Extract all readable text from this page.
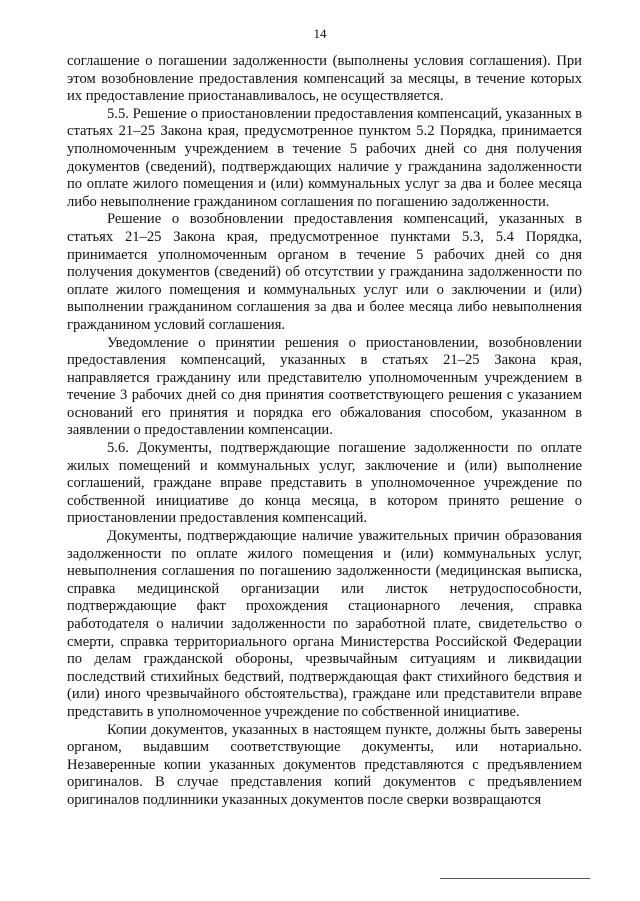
14

соглашение о погашении задолженности (выполнены условия соглашения). При этом возобновление предоставления компенсаций за месяцы, в течение которых их предоставление приостанавливалось, не осуществляется.

5.5. Решение о приостановлении предоставления компенсаций, указанных в статьях 21–25 Закона края, предусмотренное пунктом 5.2 Порядка, принимается уполномоченным учреждением в течение 5 рабочих дней со дня получения документов (сведений), подтверждающих наличие у гражданина задолженности по оплате жилого помещения и (или) коммунальных услуг за два и более месяца либо невыполнение гражданином соглашения по погашению задолженности.

Решение о возобновлении предоставления компенсаций, указанных в статьях 21–25 Закона края, предусмотренное пунктами 5.3, 5.4 Порядка, принимается уполномоченным органом в течение 5 рабочих дней со дня получения документов (сведений) об отсутствии у гражданина задолженности по оплате жилого помещения и коммунальных услуг или о заключении и (или) выполнении гражданином соглашения за два и более месяца либо невыполнения гражданином условий соглашения.

Уведомление о принятии решения о приостановлении, возобновлении предоставления компенсаций, указанных в статьях 21–25 Закона края, направляется гражданину или представителю уполномоченным учреждением в течение 3 рабочих дней со дня принятия соответствующего решения с указанием оснований его принятия и порядка его обжалования способом, указанном в заявлении о предоставлении компенсации.

5.6. Документы, подтверждающие погашение задолженности по оплате жилых помещений и коммунальных услуг, заключение и (или) выполнение соглашений, граждане вправе представить в уполномоченное учреждение по собственной инициативе до конца месяца, в котором принято решение о приостановлении предоставления компенсаций.

Документы, подтверждающие наличие уважительных причин образования задолженности по оплате жилого помещения и (или) коммунальных услуг, невыполнения соглашения по погашению задолженности (медицинская выписка, справка медицинской организации или листок нетрудоспособности, подтверждающие факт прохождения стационарного лечения, справка работодателя о наличии задолженности по заработной плате, свидетельство о смерти, справка территориального органа Министерства Российской Федерации по делам гражданской обороны, чрезвычайным ситуациям и ликвидации последствий стихийных бедствий, подтверждающая факт стихийного бедствия и (или) иного чрезвычайного обстоятельства), граждане или представители вправе представить в уполномоченное учреждение по собственной инициативе.

Копии документов, указанных в настоящем пункте, должны быть заверены органом, выдавшим соответствующие документы, или нотариально. Незаверенные копии указанных документов представляются с предъявлением оригиналов. В случае представления копий документов с предъявлением оригиналов подлинники указанных документов после сверки возвращаются
